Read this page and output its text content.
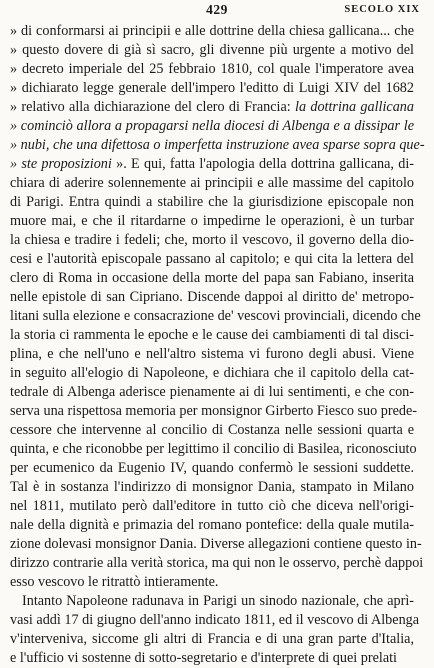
429	SECOLO XIX
» di conformarsi ai principii e alle dottrine della chiesa gallicana... che
» questo dovere di già sì sacro, gli divenne più urgente a motivo del
» decreto imperiale del 25 febbraio 1810, col quale l'imperatore avea
» dichiarato legge generale dell'impero l'editto di Luigi XIV del 1682
» relativo alla dichiarazione del clero di Francia: la dottrina gallicana
» cominciò allora a propagarsi nella diocesi di Albenga e a dissipar le
» nubi, che una difettosa o imperfetta instruzione avea sparse sopra que-
» ste proposizioni ». E qui, fatta l'apologia della dottrina gallicana, di-
chiara di aderire solennemente ai principii e alle massime del capitolo
di Parigi. Entra quindi a stabilire che la giurisdizione episcopale non
muore mai, e che il ritardarne o impedirne le operazioni, è un turbar
la chiesa e tradire i fedeli; che, morto il vescovo, il governo della dio-
cesi e l'autorità episcopale passano al capitolo; e qui cita la lettera del
clero di Roma in occasione della morte del papa san Fabiano, inserita
nelle epistole di san Cipriano. Discende dappoi al diritto de' metropo-
litani sulla elezione e consacrazione de' vescovi provinciali, dicendo che
la storia ci rammenta le epoche e le cause dei cambiamenti di tal disci-
plina, e che nell'uno e nell'altro sistema vi furono degli abusi. Viene
in seguito all'elogio di Napoleone, e dichiara che il capitolo della cat-
tedrale di Albenga aderisce pienamente ai di lui sentimenti, e che con-
serva una rispettosa memoria per monsignor Girberto Fiesco suo prede-
cessore che intervenne al concilio di Costanza nelle sessioni quarta e
quinta, e che riconobbe per legittimo il concilio di Basilea, riconosciuto
per ecumenico da Eugenio IV, quando confermò le sessioni suddette.
Tal è in sostanza l'indirizzo di monsignor Dania, stampato in Milano
nel 1811, mutilato però dall'editore in tutto ciò che diceva nell'origi-
nale della dignità e primazia del romano pontefice: della quale mutila-
zione dolevasi monsignor Dania. Diverse allegazioni contiene questo in-
dirizzo contrarie alla verità storica, ma qui non le osservo, perchè dappoi
esso vescovo le ritrattò intieramente.
Intanto Napoleone radunava in Parigi un sinodo nazionale, che aprì-
vasi addì 17 di giugno dell'anno indicato 1811, ed il vescovo di Albenga
v'interveniva, siccome gli altri di Francia e di una gran parte d'Italia,
e l'ufficio vi sostenne di sotto-segretario e d'interprete di quei prelati
